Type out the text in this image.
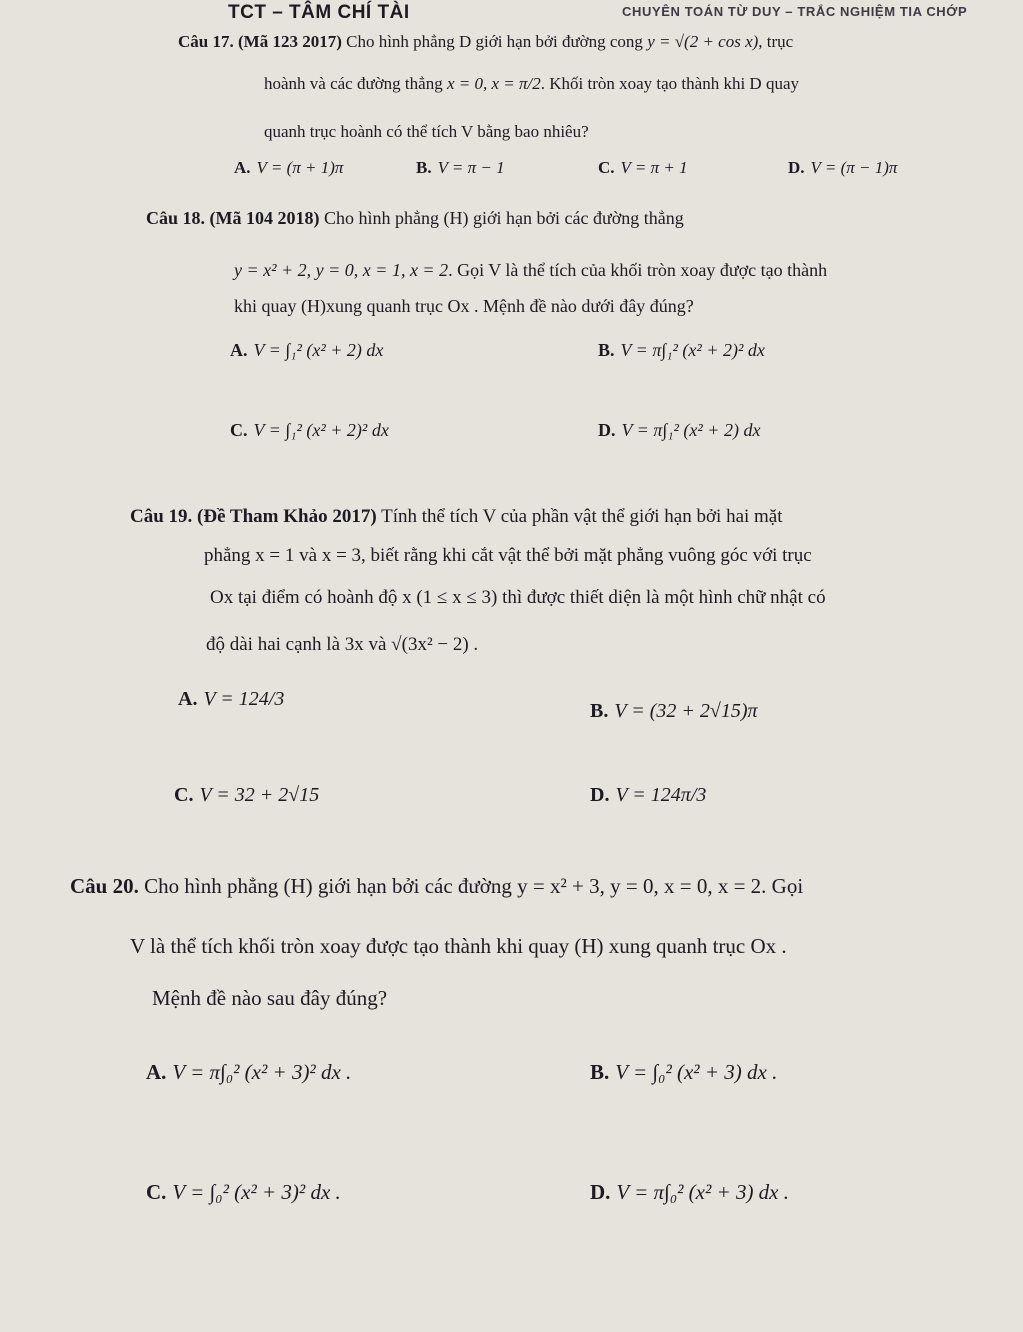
TCT – TÂM CHÍ TÀI	CHUYÊN TOÁN TỪ DUY – TRẮC NGHIỆM TIA CHỚP
Câu 17. (Mã 123 2017) Cho hình phẳng D giới hạn bởi đường cong y = √(2 + cos x), trục
hoành và các đường thẳng x = 0, x = π/2. Khối tròn xoay tạo thành khi D quay
quanh trục hoành có thể tích V bằng bao nhiêu?
A. V = (π + 1)π	B. V = π − 1	C. V = π + 1	D. V = (π − 1)π
Câu 18. (Mã 104 2018) Cho hình phẳng (H) giới hạn bởi các đường thẳng
y = x² + 2, y = 0, x = 1, x = 2. Gọi V là thể tích của khối tròn xoay được tạo thành
khi quay (H)xung quanh trục Ox . Mệnh đề nào dưới đây đúng?
A. V = ∫₁² (x² + 2) dx	B. V = π∫₁² (x² + 2)² dx
C. V = ∫₁² (x² + 2)² dx	D. V = π∫₁² (x² + 2) dx
Câu 19. (Đề Tham Khảo 2017) Tính thể tích V của phần vật thể giới hạn bởi hai mặt
phẳng x = 1 và x = 3, biết rằng khi cắt vật thể bởi mặt phẳng vuông góc với trục
Ox tại điểm có hoành độ x (1 ≤ x ≤ 3) thì được thiết diện là một hình chữ nhật có
độ dài hai cạnh là 3x và √(3x² − 2) .
A. V = 124/3
B. V = (32 + 2√15)π
C. V = 32 + 2√15	D. V = 124π/3
Câu 20. Cho hình phẳng (H) giới hạn bởi các đường y = x² + 3, y = 0, x = 0, x = 2. Gọi
V là thể tích khối tròn xoay được tạo thành khi quay (H) xung quanh trục Ox .
Mệnh đề nào sau đây đúng?
A. V = π∫₀² (x² + 3)² dx .	B. V = ∫₀² (x² + 3) dx .
C. V = ∫₀² (x² + 3)² dx .	D. V = π∫₀² (x² + 3) dx .
